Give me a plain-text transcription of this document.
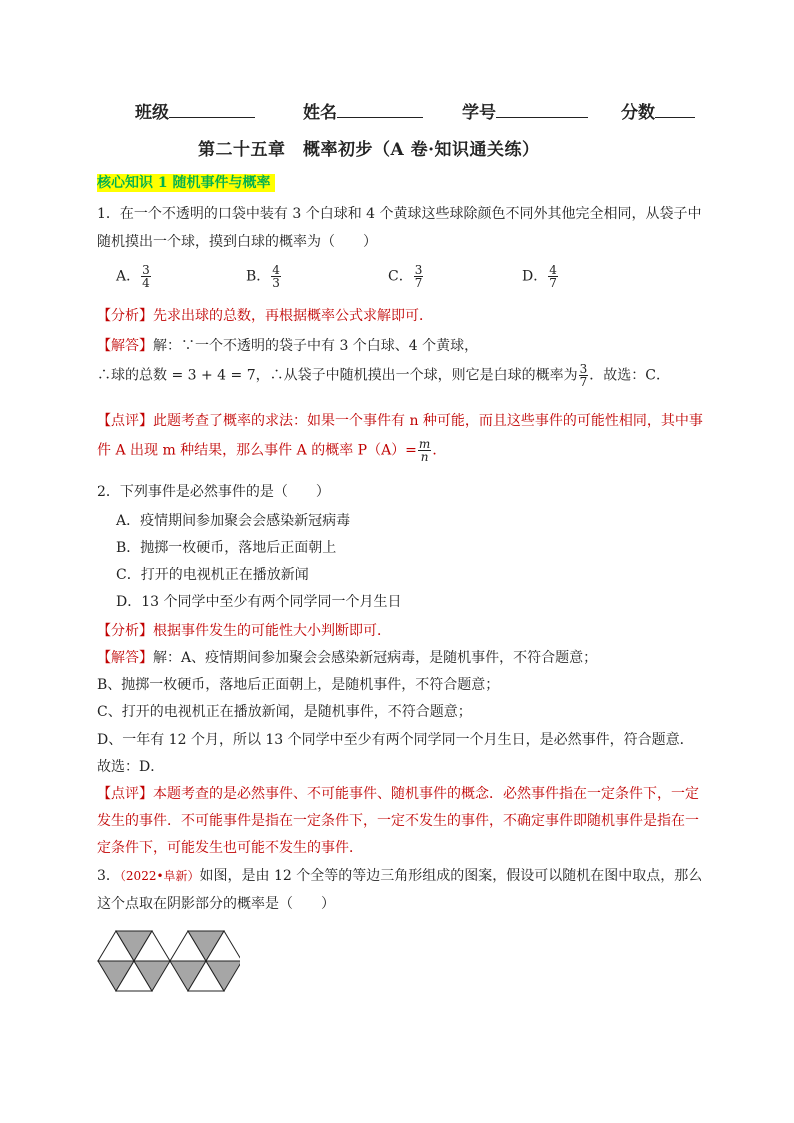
班级	姓名	学号	分数
第二十五章　概率初步（A 卷·知识通关练）
核心知识 1 随机事件与概率
1．在一个不透明的口袋中装有 3 个白球和 4 个黄球这些球除颜色不同外其他完全相同，从袋子中
随机摸出一个球，摸到白球的概率为（　　）
A． $\frac{3}{4}$	B． $\frac{4}{3}$	C． $\frac{3}{7}$	D． $\frac{4}{7}$
【分析】先求出球的总数，再根据概率公式求解即可．
【解答】解：∵一个不透明的袋子中有 3 个白球、4 个黄球，
∴球的总数 = 3 + 4 = 7，∴从袋子中随机摸出一个球，则它是白球的概率为 $\frac{3}{7}$ ．故选：C．
【点评】此题考查了概率的求法：如果一个事件有 n 种可能，而且这些事件的可能性相同，其中事
件 A 出现 m 种结果，那么事件 A 的概率 $P(A)= \frac{m}{n}$ ．
2．下列事件是必然事件的是（　　）
A．疫情期间参加聚会会感染新冠病毒
B．抛掷一枚硬币，落地后正面朝上
C．打开的电视机正在播放新闻
D．13 个同学中至少有两个同学同一个月生日
【分析】根据事件发生的可能性大小判断即可．
【解答】解：A、疫情期间参加聚会会感染新冠病毒，是随机事件，不符合题意；
B、抛掷一枚硬币，落地后正面朝上，是随机事件，不符合题意；
C、打开的电视机正在播放新闻，是随机事件，不符合题意；
D、一年有 12 个月，所以 13 个同学中至少有两个同学同一个月生日，是必然事件，符合题意．
故选：D．
【点评】本题考查的是必然事件、不可能事件、随机事件的概念．必然事件指在一定条件下，一定
发生的事件．不可能事件是指在一定条件下，一定不发生的事件，不确定事件即随机事件是指在一
定条件下，可能发生也可能不发生的事件．
3．（2022•阜新）如图，是由 12 个全等的等边三角形组成的图案，假设可以随机在图中取点，那么
这个点取在阴影部分的概率是（　　）
